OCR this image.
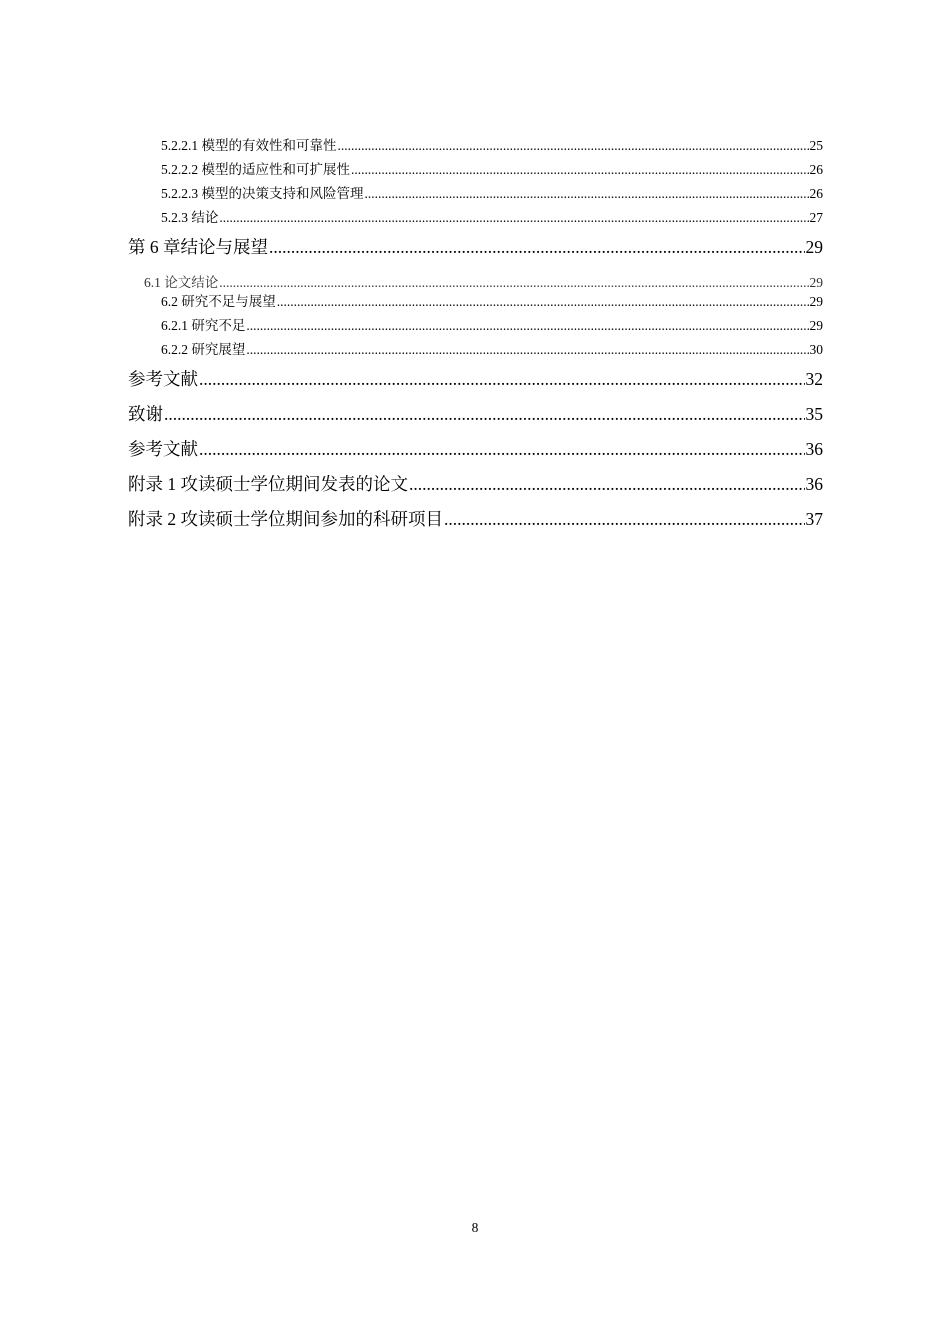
5.2.2.1 模型的有效性和可靠性 .....	25
5.2.2.2 模型的适应性和可扩展性 .....	26
5.2.2.3 模型的决策支持和风险管理 .....	26
5.2.3 结论 .....	27
第 6 章结论与展望 .....	29
6.1 论文结论 .....	29
6.2 研究不足与展望 .....	29
6.2.1 研究不足 .....	29
6.2.2 研究展望 .....	30
参考文献 .....	32
致谢 .....	35
参考文献 .....	36
附录 1 攻读硕士学位期间发表的论文 .....	36
附录 2 攻读硕士学位期间参加的科研项目 .....	37
8
